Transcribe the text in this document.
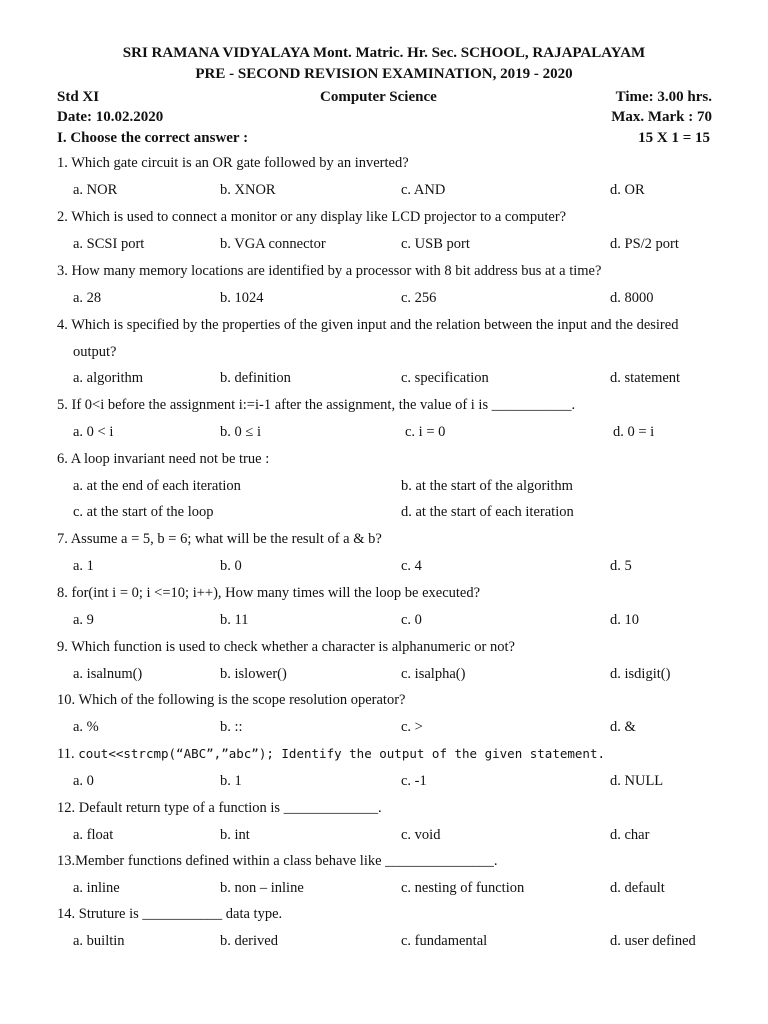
SRI RAMANA VIDYALAYA Mont. Matric. Hr. Sec. SCHOOL, RAJAPALAYAM
PRE - SECOND REVISION EXAMINATION, 2019 - 2020
Std XI	Computer Science	Time: 3.00 hrs.
Date: 10.02.2020	Max. Mark : 70
I. Choose the correct answer :	15 X 1 = 15
1. Which gate circuit is an OR gate followed by an inverted?
a. NOR	b. XNOR	c. AND	d. OR
2. Which is used to connect a monitor or any display like LCD projector to a computer?
a. SCSI port	b. VGA connector	c. USB port	d. PS/2 port
3. How many memory locations are identified by a processor with 8 bit address bus at a time?
a. 28	b. 1024	c. 256	d. 8000
4. Which is specified by the properties of the given input and the relation between the input and the desired
output?
a. algorithm	b. definition	c. specification	d. statement
5. If 0<i before the assignment i:=i-1 after the assignment, the value of i is ___________.
a. 0 < i	b. 0 ≤ i	c. i = 0	d. 0 = i
6. A loop invariant need not be true :
a. at the end of each iteration	b. at the start of the algorithm
c. at the start of the loop	d. at the start of each iteration
7. Assume a = 5, b = 6; what will be the result of a & b?
a. 1	b. 0	c. 4	d. 5
8. for(int i = 0; i <=10; i++), How many times will the loop be executed?
a. 9	b. 11	c. 0	d. 10
9. Which function is used to check whether a character is alphanumeric or not?
a. isalnum()	b. islower()	c. isalpha()	d. isdigit()
10. Which of the following is the scope resolution operator?
a. %	b. ::	c. >	d. &
11. cout<<strcmp(“ABC”,”abc”); Identify the output of the given statement.
a. 0	b. 1	c. -1	d. NULL
12. Default return type of a function is _____________.
a. float	b. int	c. void	d. char
13.Member functions defined within a class behave like _______________.
a. inline	b. non – inline	c. nesting of function	d. default
14. Struture is ___________ data type.
a. builtin	b. derived	c. fundamental	d. user defined
